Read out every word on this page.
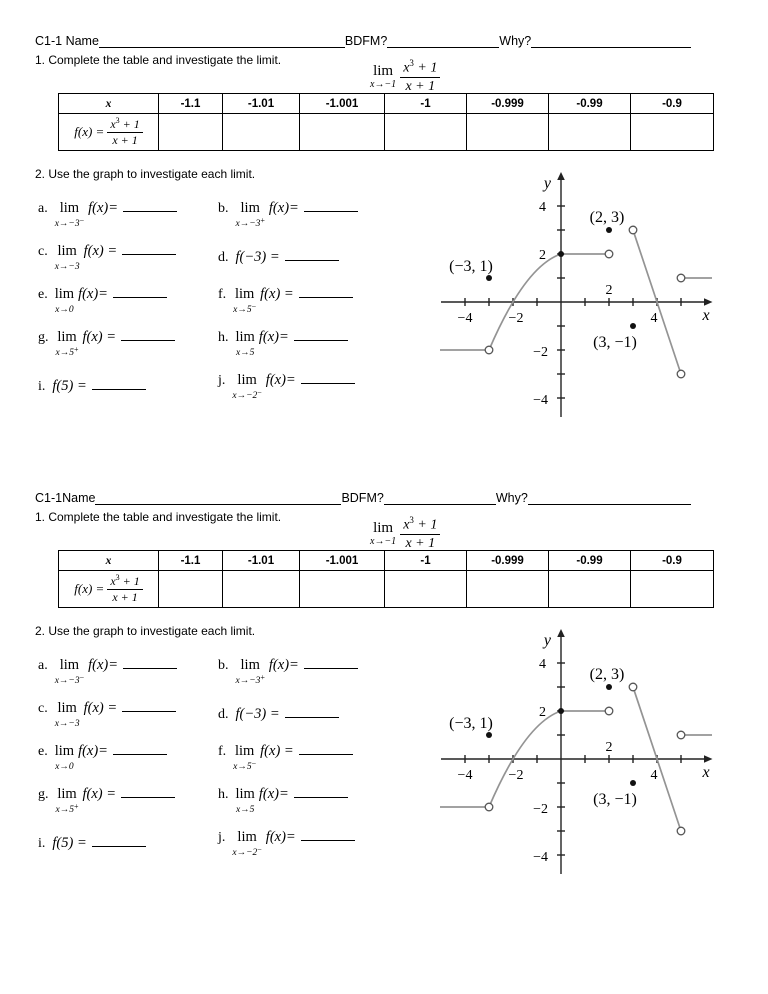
C1-1 Name	BDFM?	Why?
1. Complete the table and investigate the limit.
lim
$x\to-1 \frac{x^3 + 1}{x + 1}$
x	-1.1	-1.01	-1.001	-1	-0.999	-0.99	-0.9

$f(x) = \frac{x^3 + 1}{x + 1}$

2. Use the graph to investigate each limit.
a. lim
x→−3−
f(x)=	b. lim
x→−3+
f(x)=
c. lim
x→−3
f(x) =	d. f(−3) =
e. lim
x→0
f(x)=	f. lim
x→5−
f(x) =
g. lim
x→5+
f(x) =	h. lim
x→5
f(x)=
i. f(5) =	j. lim
x→−2−
f(x)=
(2, 3)
(−3, 1)
(3, −1)
−4	−2
2
4
4
2
−2
−4
y
x
C1-1Name	BDFM?	Why?
1. Complete the table and investigate the limit.
lim
$x\to-1 \frac{x^3 + 1}{x + 1}$
x	-1.1	-1.01	-1.001	-1	-0.999	-0.99	-0.9

$f(x) = \frac{x^3 + 1}{x + 1}$

2. Use the graph to investigate each limit.
a. lim
x→−3−
f(x)=	b. lim
x→−3+
f(x)=
c. lim
x→−3
f(x) =	d. f(−3) =
e. lim
x→0
f(x)=	f. lim
x→5−
f(x) =
g. lim
x→5+
f(x) =	h. lim
x→5
f(x)=
i. f(5) =	j. lim
x→−2−
f(x)=
(2, 3)
(−3, 1)
(3, −1)
−4	−2
2
4
4
2
−2
−4
y
x
